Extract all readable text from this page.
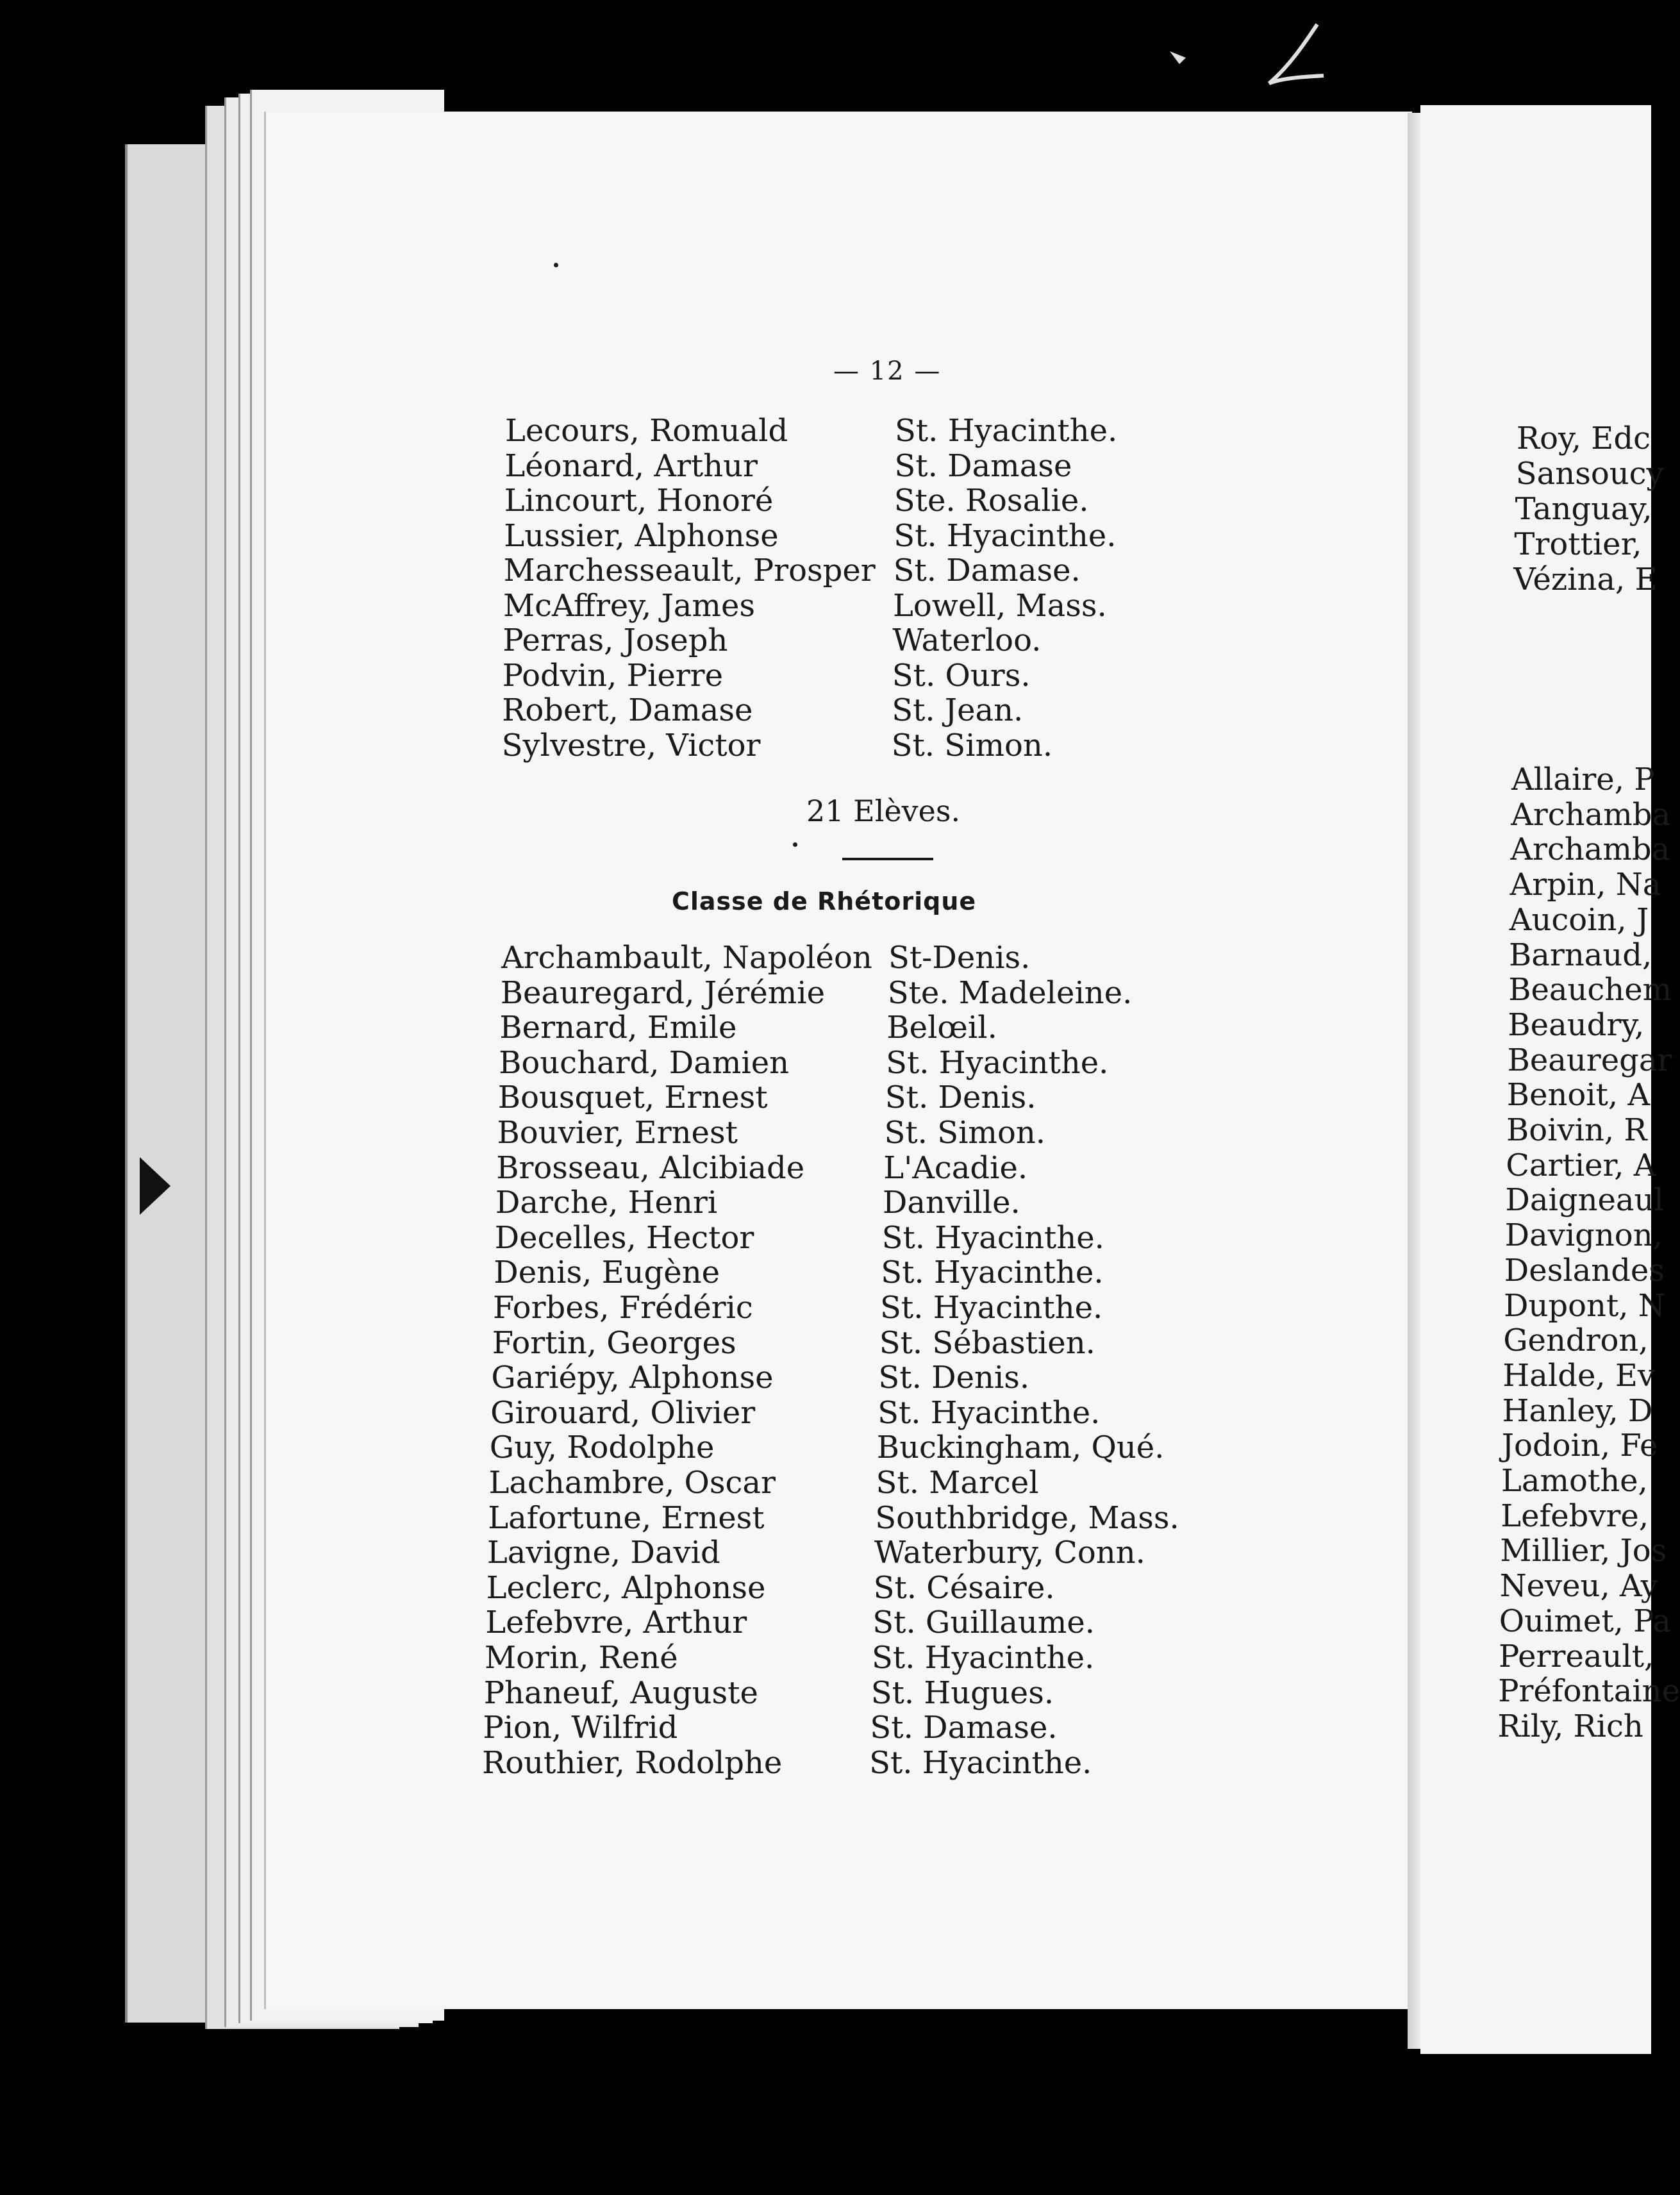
— 12 —
Lecours, Romuald	St. Hyacinthe.
Léonard, Arthur	St. Damase
Lincourt, Honoré	Ste. Rosalie.
Lussier, Alphonse	St. Hyacinthe.
Marchesseault, Prosper St. Damase.
McAffrey, James	Lowell, Mass.
Perras, Joseph	Waterloo.
Podvin, Pierre	St. Ours.
Robert, Damase	St. Jean.
Sylvestre, Victor	St. Simon.
21 Elèves.
Classe de Rhétorique
Archambault, Napoléon St-Denis.
Beauregard, Jérémie Ste. Madeleine.
Bernard, Emile	Belœil.
Bouchard, Damien	St. Hyacinthe.
Bousquet, Ernest	St. Denis.
Bouvier, Ernest	St. Simon.
Brosseau, Alcibiade	L'Acadie.
Darche, Henri	Danville.
Decelles, Hector	St. Hyacinthe.
Denis, Eugène	St. Hyacinthe.
Forbes, Frédéric	St. Hyacinthe.
Fortin, Georges	St. Sébastien.
Gariépy, Alphonse	St. Denis.
Girouard, Olivier	St. Hyacinthe.
Guy, Rodolphe	Buckingham, Qué.
Lachambre, Oscar	St. Marcel
Lafortune, Ernest	Southbridge, Mass.
Lavigne, David	Waterbury, Conn.
Leclerc, Alphonse	St. Césaire.
Lefebvre, Arthur	St. Guillaume.
Morin, René	St. Hyacinthe.
Phaneuf, Auguste	St. Hugues.
Pion, Wilfrid	St. Damase.
Routhier, Rodolphe	St. Hyacinthe.
Roy, Edc
Sansoucy
Tanguay,
Trottier,
Vézina, E
Allaire, P
Archamba
Archamba
Arpin, Na
Aucoin, J
Barnaud,
Beauchem
Beaudry,
Beauregar
Benoit, A
Boivin, R
Cartier, A
Daigneaul
Davignon,
Deslandes
Dupont, N
Gendron,
Halde, Ev
Hanley, D
Jodoin, Fe
Lamothe,
Lefebvre,
Millier, Jos
Neveu, Ay
Ouimet, Pa
Perreault,
Préfontaine
Rily, Rich
